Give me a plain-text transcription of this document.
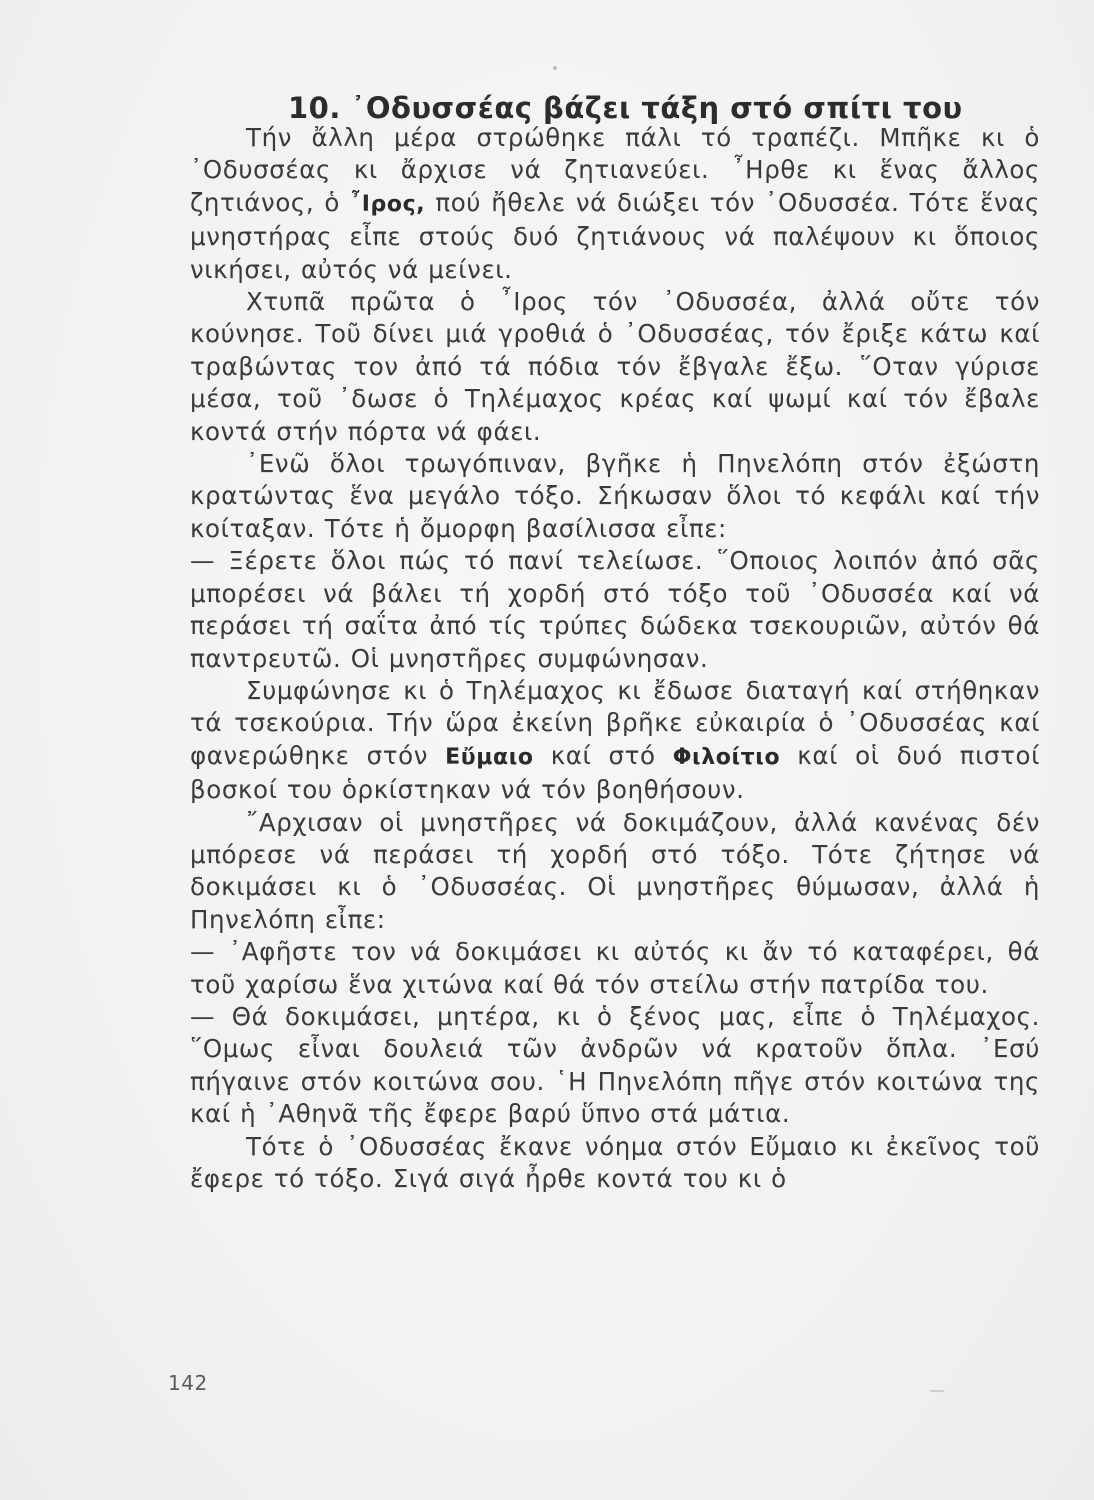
10. ᾿Οδυσσέας βάζει τάξη στό σπίτι του

Τήν ἄλλη μέρα στρώθηκε πάλι τό τραπέζι. Μπῆκε κι ὁ ᾿Οδυσσέας κι ἄρχισε νά ζητιανεύει. ῏Ηρθε κι ἕνας ἄλλος ζητιάνος, ὁ ῏Ιρος, πού ἤθελε νά διώξει τόν ᾿Οδυσσέα. Τότε ἕνας μνηστήρας εἶπε στούς δυό ζητιάνους νά παλέψουν κι ὅποιος νικήσει, αὐτός νά μείνει.

Χτυπᾶ πρῶτα ὁ ῏Ιρος τόν ᾿Οδυσσέα, ἀλλά οὔτε τόν κούνησε. Τοῦ δίνει μιά γροθιά ὁ ᾿Οδυσσέας, τόν ἔριξε κάτω καί τραβώντας τον ἀπό τά πόδια τόν ἔβγαλε ἔξω. ῞Οταν γύρισε μέσα, τοῦ ᾿δωσε ὁ Τηλέμαχος κρέας καί ψωμί καί τόν ἔβαλε κοντά στήν πόρτα νά φάει.

᾿Ενῶ ὅλοι τρωγόπιναν, βγῆκε ἡ Πηνελόπη στόν ἐξώστη κρατώντας ἕνα μεγάλο τόξο. Σήκωσαν ὅλοι τό κεφάλι καί τήν κοίταξαν. Τότε ἡ ὄμορφη βασίλισσα εἶπε:

— Ξέρετε ὅλοι πώς τό πανί τελείωσε. ῞Οποιος λοιπόν ἀπό σᾶς μπορέσει νά βάλει τή χορδή στό τόξο τοῦ ᾿Οδυσσέα καί νά περάσει τή σαΐτα ἀπό τίς τρύπες δώδεκα τσεκουριῶν, αὐτόν θά παντρευτῶ. Οἱ μνηστῆρες συμφώνησαν.

Συμφώνησε κι ὁ Τηλέμαχος κι ἔδωσε διαταγή καί στήθηκαν τά τσεκούρια. Τήν ὥρα ἐκείνη βρῆκε εὐκαιρία ὁ ᾿Οδυσσέας καί φανερώθηκε στόν Εὔμαιο καί στό Φιλοίτιο καί οἱ δυό πιστοί βοσκοί του ὁρκίστηκαν νά τόν βοηθήσουν.

῎Αρχισαν οἱ μνηστῆρες νά δοκιμάζουν, ἀλλά κανένας δέν μπόρεσε νά περάσει τή χορδή στό τόξο. Τότε ζήτησε νά δοκιμάσει κι ὁ ᾿Οδυσσέας. Οἱ μνηστῆρες θύμωσαν, ἀλλά ἡ Πηνελόπη εἶπε:

— ᾿Αφῆστε τον νά δοκιμάσει κι αὐτός κι ἄν τό καταφέρει, θά τοῦ χαρίσω ἕνα χιτώνα καί θά τόν στείλω στήν πατρίδα του.

— Θά δοκιμάσει, μητέρα, κι ὁ ξένος μας, εἶπε ὁ Τηλέμαχος. ῞Ομως εἶναι δουλειά τῶν ἀνδρῶν νά κρατοῦν ὅπλα. ᾿Εσύ πήγαινε στόν κοιτώνα σου. ῾Η Πηνελόπη πῆγε στόν κοιτώνα της καί ἡ ᾿Αθηνᾶ τῆς ἔφερε βαρύ ὕπνο στά μάτια.

Τότε ὁ ᾿Οδυσσέας ἔκανε νόημα στόν Εὔμαιο κι ἐκεῖνος τοῦ ἔφερε τό τόξο. Σιγά σιγά ἦρθε κοντά του κι ὁ

142
